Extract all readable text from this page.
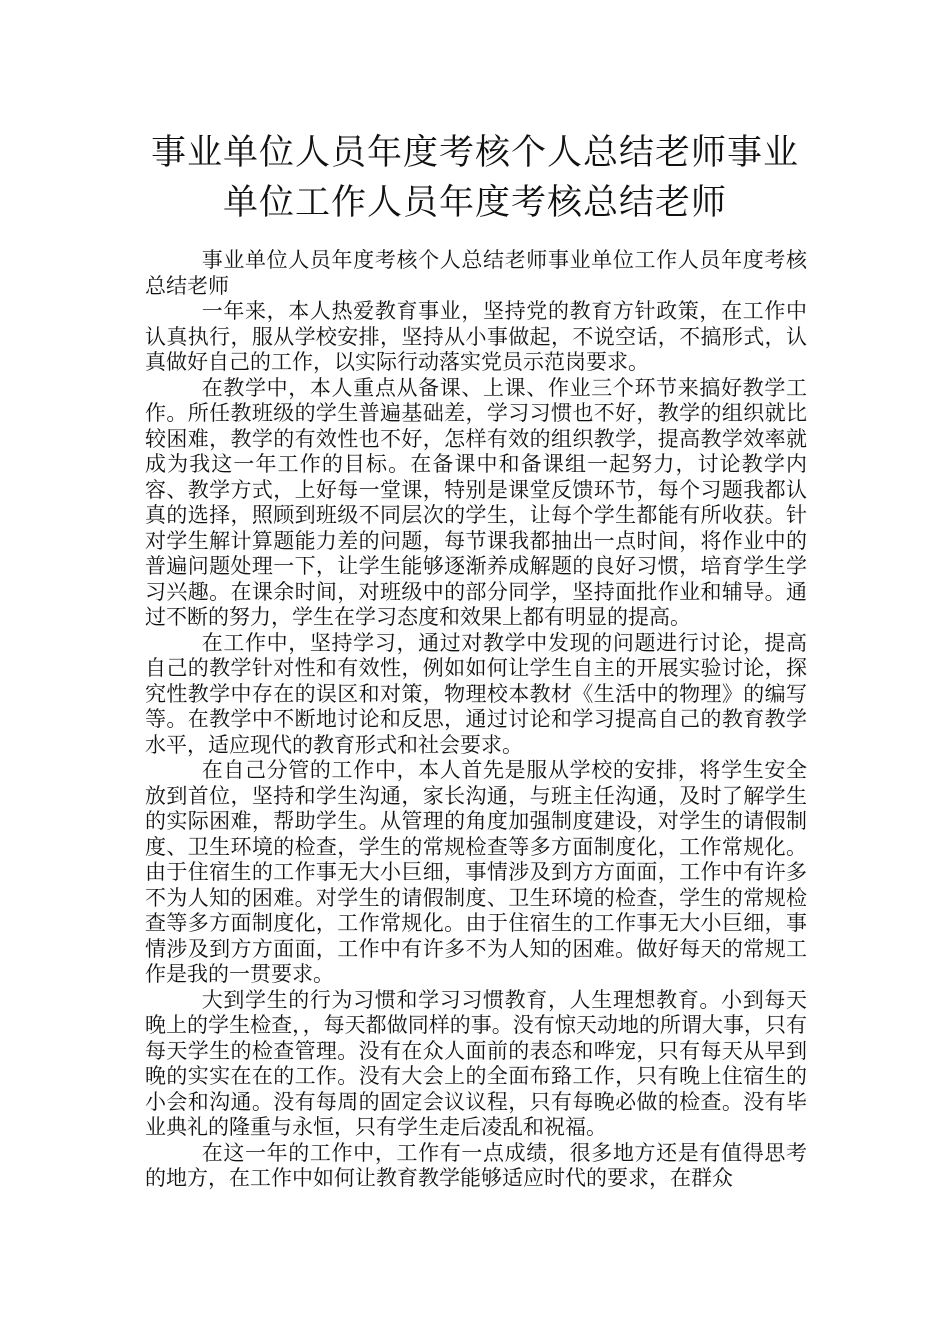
事业单位人员年度考核个人总结老师事业单位工作人员年度考核总结老师

事业单位人员年度考核个人总结老师事业单位工作人员年度考核总结老师

一年来，本人热爱教育事业，坚持党的教育方针政策，在工作中认真执行，服从学校安排，坚持从小事做起，不说空话，不搞形式，认真做好自己的工作，以实际行动落实党员示范岗要求。

在教学中，本人重点从备课、上课、作业三个环节来搞好教学工作。所任教班级的学生普遍基础差，学习习惯也不好，教学的组织就比较困难，教学的有效性也不好，怎样有效的组织教学，提高教学效率就成为我这一年工作的目标。在备课中和备课组一起努力，讨论教学内容、教学方式，上好每一堂课，特别是课堂反馈环节，每个习题我都认真的选择，照顾到班级不同层次的学生，让每个学生都能有所收获。针对学生解计算题能力差的问题，每节课我都抽出一点时间，将作业中的普遍问题处理一下，让学生能够逐渐养成解题的良好习惯，培育学生学习兴趣。在课余时间，对班级中的部分同学，坚持面批作业和辅导。通过不断的努力，学生在学习态度和效果上都有明显的提高。

在工作中，坚持学习，通过对教学中发现的问题进行讨论，提高自己的教学针对性和有效性，例如如何让学生自主的开展实验讨论，探究性教学中存在的误区和对策，物理校本教材《生活中的物理》的编写等。在教学中不断地讨论和反思，通过讨论和学习提高自己的教育教学水平，适应现代的教育形式和社会要求。

在自己分管的工作中，本人首先是服从学校的安排，将学生安全放到首位，坚持和学生沟通，家长沟通，与班主任沟通，及时了解学生的实际困难，帮助学生。从管理的角度加强制度建设，对学生的请假制度、卫生环境的检查，学生的常规检查等多方面制度化，工作常规化。由于住宿生的工作事无大小巨细，事情涉及到方方面面，工作中有许多不为人知的困难。对学生的请假制度、卫生环境的检查，学生的常规检查等多方面制度化，工作常规化。由于住宿生的工作事无大小巨细，事情涉及到方方面面，工作中有许多不为人知的困难。做好每天的常规工作是我的一贯要求。

大到学生的行为习惯和学习习惯教育，人生理想教育。小到每天晚上的学生检查，，每天都做同样的事。没有惊天动地的所谓大事，只有每天学生的检查管理。没有在众人面前的表态和哗宠，只有每天从早到晚的实实在在的工作。没有大会上的全面布臵工作，只有晚上住宿生的小会和沟通。没有每周的固定会议议程，只有每晚必做的检查。没有毕业典礼的隆重与永恒，只有学生走后凌乱和祝福。

在这一年的工作中，工作有一点成绩，很多地方还是有值得思考的地方，在工作中如何让教育教学能够适应时代的要求，在群众
